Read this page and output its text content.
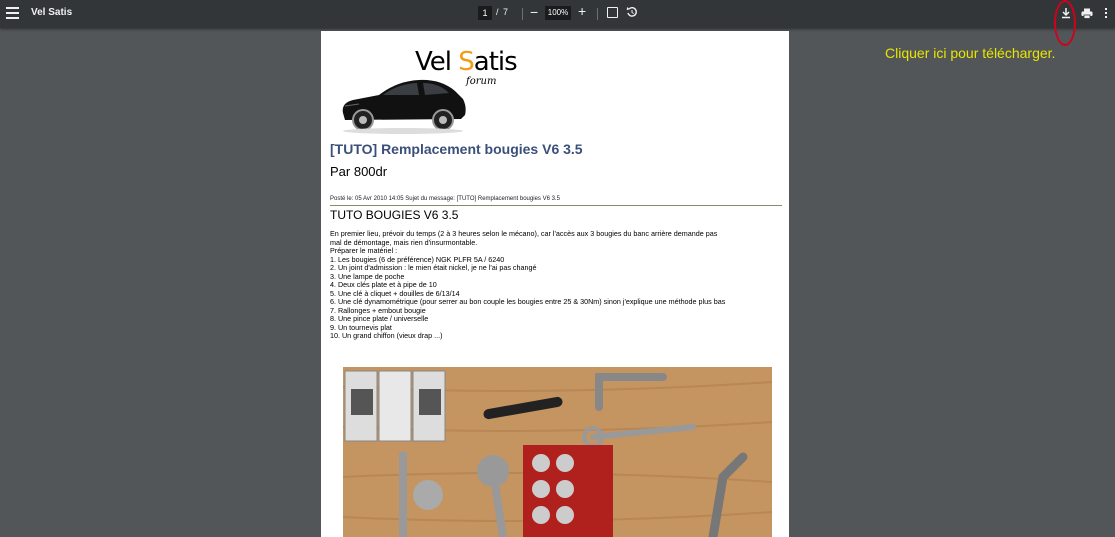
Vel Satis	1 / 7 −	100% +
Cliquer ici pour télécharger.
Vel Satis
forum
[TUTO] Remplacement bougies V6 3.5
Par 800dr
Posté le: 05 Avr 2010 14:05 Sujet du message: [TUTO] Remplacement bougies V6 3.5
TUTO BOUGIES V6 3.5

En premier lieu, prévoir du temps (2 à 3 heures selon le mécano), car l'accès aux 3 bougies du banc arrière demande pas

mal de démontage, mais rien d'insurmontable.

Préparer le matériel :

1. Les bougies (6 de préférence) NGK PLFR 5A / 6240

2. Un joint d'admission : le mien était nickel, je ne l'ai pas changé

3. Une lampe de poche

4. Deux clés plate et à pipe de 10

5. Une clé à cliquet + douilles de 6/13/14

6. Une clé dynamométrique (pour serrer au bon couple les bougies entre 25 & 30Nm) sinon j'explique une méthode plus bas

7. Rallonges + embout bougie

8. Une pince plate / universelle

9. Un tournevis plat

10. Un grand chiffon (vieux drap ...)
